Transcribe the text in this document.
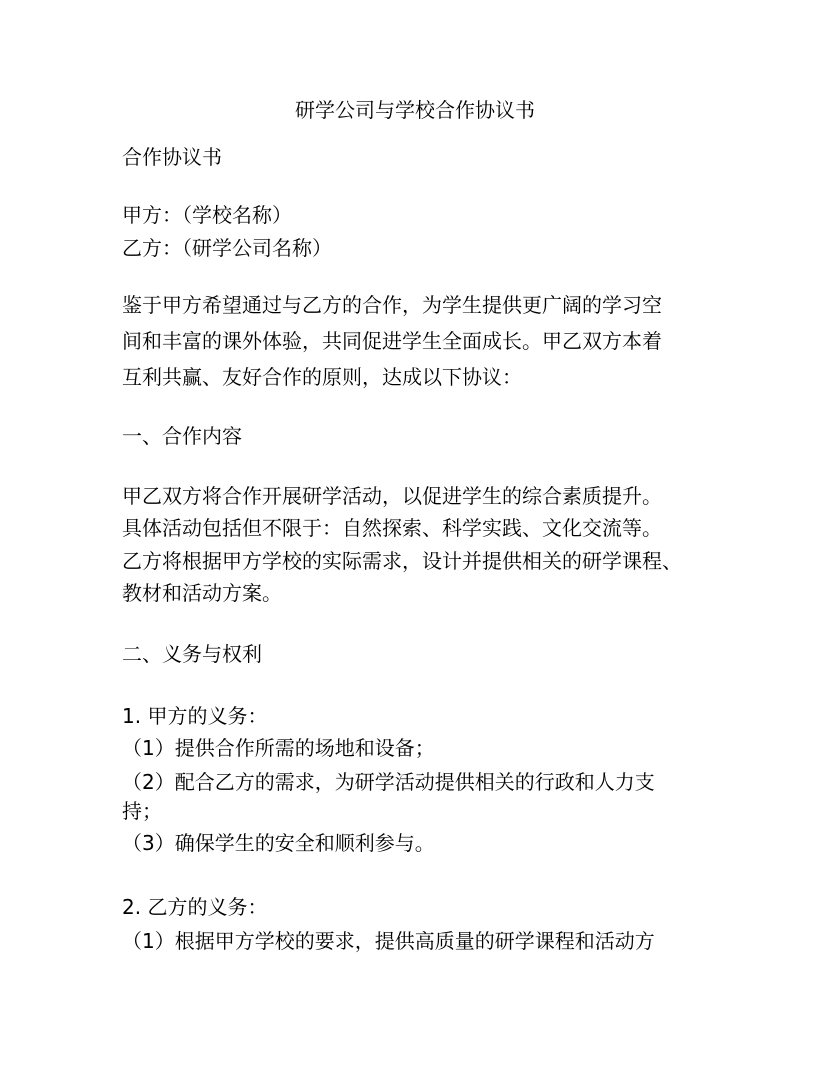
研学公司与学校合作协议书
合作协议书
甲方：（学校名称）
乙方：（研学公司名称）
鉴于甲方希望通过与乙方的合作，为学生提供更广阔的学习空
间和丰富的课外体验，共同促进学生全面成长。甲乙双方本着
互利共赢、友好合作的原则，达成以下协议：
一、合作内容
甲乙双方将合作开展研学活动，以促进学生的综合素质提升。
具体活动包括但不限于：自然探索、科学实践、文化交流等。
乙方将根据甲方学校的实际需求，设计并提供相关的研学课程、
教材和活动方案。
二、义务与权利
1. 甲方的义务：
（1）提供合作所需的场地和设备；
（2）配合乙方的需求，为研学活动提供相关的行政和人力支
持；
（3）确保学生的安全和顺利参与。
2. 乙方的义务：
（1）根据甲方学校的要求，提供高质量的研学课程和活动方
